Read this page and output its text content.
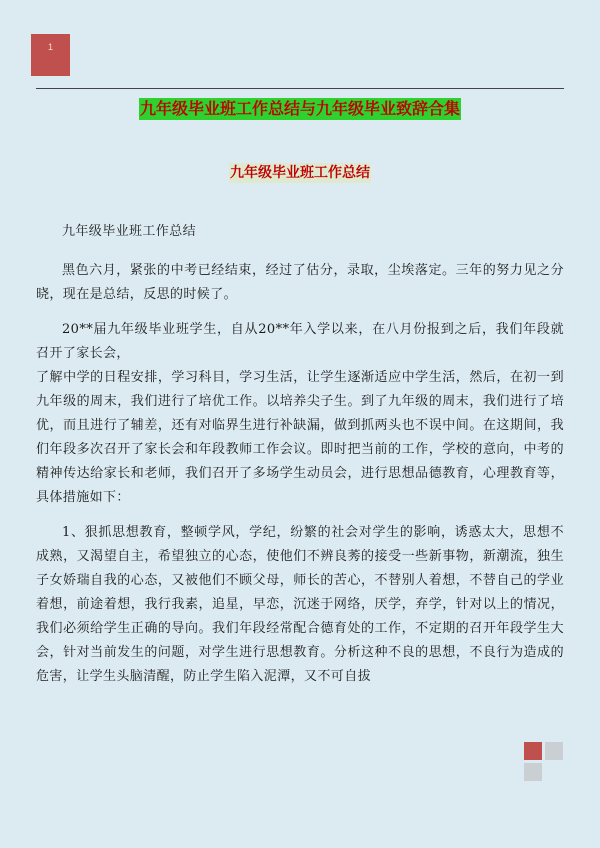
1
九年级毕业班工作总结与九年级毕业致辞合集
九年级毕业班工作总结

九年级毕业班工作总结

黑色六月，紧张的中考已经结束，经过了估分，录取，尘埃落定。三年的努力见之分晓，现在是总结，反思的时候了。

20**届九年级毕业班学生，自从20**年入学以来，在八月份报到之后，我们年段就召开了家长会，

了解中学的日程安排，学习科目，学习生活，让学生逐渐适应中学生活，然后，在初一到九年级的周末，我们进行了培优工作。以培养尖子生。到了九年级的周末，我们进行了培优，而且进行了辅差，还有对临界生进行补缺漏，做到抓两头也不误中间。在这期间，我们年段多次召开了家长会和年段教师工作会议。即时把当前的工作，学校的意向，中考的精神传达给家长和老师，我们召开了多场学生动员会，进行思想品德教育，心理教育等，具体措施如下：

1、狠抓思想教育，整顿学风，学纪，纷繁的社会对学生的影响，诱惑太大，思想不成熟，又渴望自主，希望独立的心态，使他们不辨良莠的接受一些新事物，新潮流，独生子女娇瑞自我的心态，又被他们不顾父母，师长的苦心，不替别人着想，不替自己的学业着想，前途着想，我行我素，追星，早恋，沉迷于网络，厌学，弃学，针对以上的情况，我们必须给学生正确的导向。我们年段经常配合德育处的工作，不定期的召开年段学生大会，针对当前发生的问题，对学生进行思想教育。分析这种不良的思想，不良行为造成的危害，让学生头脑清醒，防止学生陷入泥潭，又不可自拔
